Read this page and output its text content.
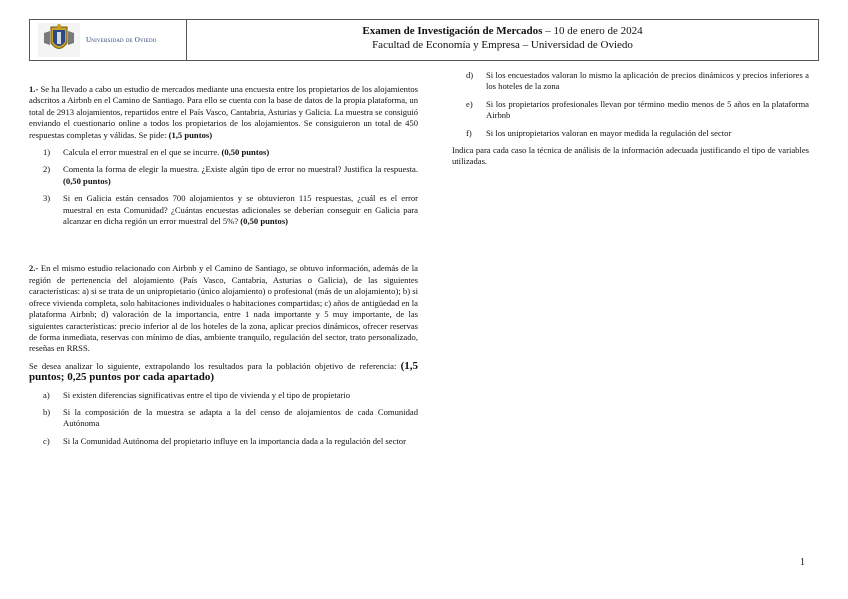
Universidad de Oviedo
Examen de Investigación de Mercados – 10 de enero de 2024
Facultad de Economía y Empresa – Universidad de Oviedo

1.- Se ha llevado a cabo un estudio de mercados mediante una encuesta entre los propietarios de los alojamientos adscritos a Airbnb en el Camino de Santiago. Para ello se cuenta con la base de datos de la propia plataforma, un total de 2913 alojamientos, repartidos entre el País Vasco, Cantabria, Asturias y Galicia. La muestra se consiguió enviando el cuestionario online a todos los propietarios de los alojamientos. Se consiguieron un total de 450 respuestas completas y válidas. Se pide: (1,5 puntos)

1)	Calcula el error muestral en el que se incurre. (0,50 puntos)
2)	Comenta la forma de elegir la muestra. ¿Existe algún tipo de error no muestral? Justifica la respuesta. (0,50 puntos)
3)	Si en Galicia están censados 700 alojamientos y se obtuvieron 115 respuestas, ¿cuál es el error muestral en esta Comunidad? ¿Cuántas encuestas adicionales se deberían conseguir en Galicia para alcanzar en dicha región un error muestral del 5%? (0,50 puntos)

2.- En el mismo estudio relacionado con Airbnb y el Camino de Santiago, se obtuvo información, además de la región de pertenencia del alojamiento (País Vasco, Cantabria, Asturias o Galicia), de las siguientes características: a) si se trata de un unipropietario (único alojamiento) o profesional (más de un alojamiento); b) si ofrece vivienda completa, solo habitaciones individuales o habitaciones compartidas; c) años de antigüedad en la plataforma Airbnb; d) valoración de la importancia, entre 1 nada importante y 5 muy importante, de las siguientes características: precio inferior al de los hoteles de la zona, aplicar precios dinámicos, ofrecer reservas de forma inmediata, reservas con mínimo de días, ambiente tranquilo, regulación del sector, trato personalizado, reseñas en RRSS.

Se desea analizar lo siguiente, extrapolando los resultados para la población objetivo de referencia: (1,5 puntos; 0,25 puntos por cada apartado)

a)	Si existen diferencias significativas entre el tipo de vivienda y el tipo de propietario
b)	Si la composición de la muestra se adapta a la del censo de alojamientos de cada Comunidad Autónoma
c)	Si la Comunidad Autónoma del propietario influye en la importancia dada a la regulación del sector
d)	Si los encuestados valoran lo mismo la aplicación de precios dinámicos y precios inferiores a los hoteles de la zona
e)	Si los propietarios profesionales llevan por término medio menos de 5 años en la plataforma Airbnb
f)	Si los unipropietarios valoran en mayor medida la regulación del sector

Indica para cada caso la técnica de análisis de la información adecuada justificando el tipo de variables utilizadas.

1
